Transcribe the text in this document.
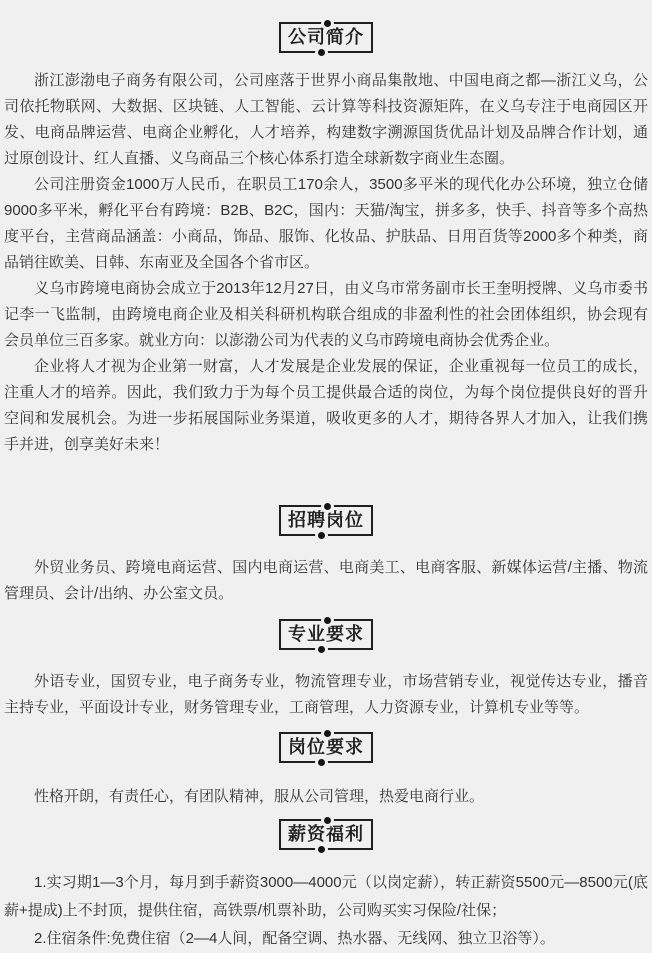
公司简介

浙江澎渤电子商务有限公司，公司座落于世界小商品集散地、中国电商之都—浙江义乌，公司依托物联网、大数据、区块链、人工智能、云计算等科技资源矩阵，在义乌专注于电商园区开发、电商品牌运营、电商企业孵化，人才培养，构建数字溯源国货优品计划及品牌合作计划，通过原创设计、红人直播、义乌商品三个核心体系打造全球新数字商业生态圈。

公司注册资金1000万人民币，在职员工170余人，3500多平米的现代化办公环境，独立仓储9000多平米，孵化平台有跨境：B2B、B2C，国内：天猫/淘宝，拼多多，快手、抖音等多个高热度平台，主营商品涵盖：小商品，饰品、服饰、化妆品、护肤品、日用百货等2000多个种类，商品销往欧美、日韩、东南亚及全国各个省市区。

义乌市跨境电商协会成立于2013年12月27日，由义乌市常务副市长王奎明授牌、义乌市委书记李一飞监制，由跨境电商企业及相关科研机构联合组成的非盈利性的社会团体组织，协会现有会员单位三百多家。就业方向：以澎渤公司为代表的义乌市跨境电商协会优秀企业。

企业将人才视为企业第一财富，人才发展是企业发展的保证，企业重视每一位员工的成长，注重人才的培养。因此，我们致力于为每个员工提供最合适的岗位，为每个岗位提供良好的晋升空间和发展机会。为进一步拓展国际业务渠道，吸收更多的人才，期待各界人才加入，让我们携手并进，创享美好未来！

招聘岗位

外贸业务员、跨境电商运营、国内电商运营、电商美工、电商客服、新媒体运营/主播、物流管理员、会计/出纳、办公室文员。

专业要求

外语专业，国贸专业，电子商务专业，物流管理专业，市场营销专业，视觉传达专业，播音主持专业，平面设计专业，财务管理专业，工商管理，人力资源专业，计算机专业等等。

岗位要求

性格开朗，有责任心，有团队精神，服从公司管理，热爱电商行业。

薪资福利

1.实习期1—3个月，每月到手薪资3000—4000元（以岗定薪），转正薪资5500元—8500元(底薪+提成)上不封顶，提供住宿，高铁票/机票补助，公司购买实习保险/社保；

2.住宿条件:免费住宿（2—4人间，配备空调、热水器、无线网、独立卫浴等）。
